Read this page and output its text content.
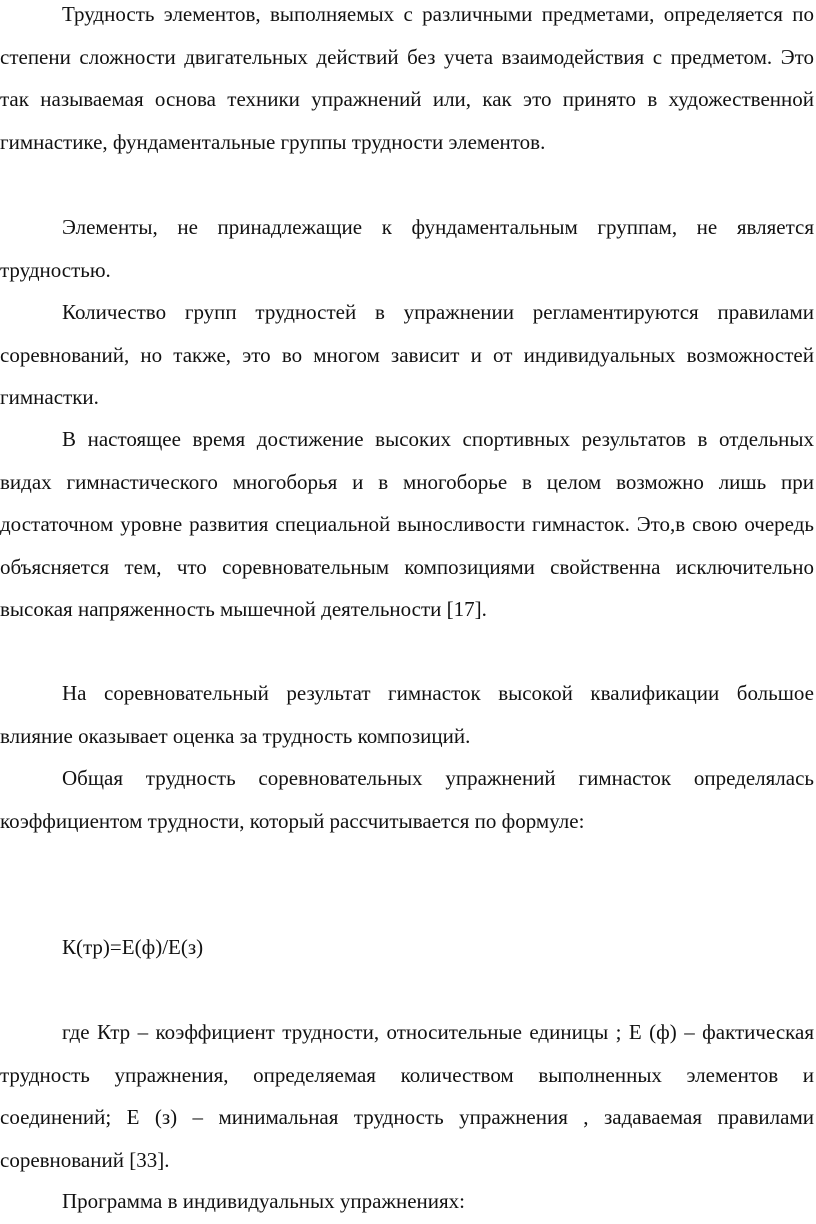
Трудность элементов, выполняемых с различными предметами, определяется по степени сложности двигательных действий без учета взаимодействия с предметом. Это так называемая основа техники упражнений или, как это принято в художественной гимнастике, фундаментальные группы трудности элементов.

Элементы, не принадлежащие к фундаментальным группам, не является трудностью.

Количество групп трудностей в упражнении регламентируются правилами соревнований, но также, это во многом зависит и от индивидуальных возможностей гимнастки.

В настоящее время достижение высоких спортивных результатов в отдельных видах гимнастического многоборья и в многоборье в целом возможно лишь при достаточном уровне развития специальной выносливости гимнасток. Это,в свою очередь объясняется тем, что соревновательным композициями свойственна исключительно высокая напряженность мышечной деятельности [17].

На соревновательный результат гимнасток высокой квалификации большое влияние оказывает оценка за трудность композиций.

Общая трудность соревновательных упражнений гимнасток определялась коэффициентом трудности, который рассчитывается по формуле:

К(тр)=Е(ф)/Е(з)

где Ктр – коэффициент трудности, относительные единицы ; Е (ф) – фактическая трудность упражнения, определяемая количеством выполненных элементов и соединений; Е (з) – минимальная трудность упражнения , задаваемая правилами соревнований [33].

Программа в индивидуальных упражнениях:
